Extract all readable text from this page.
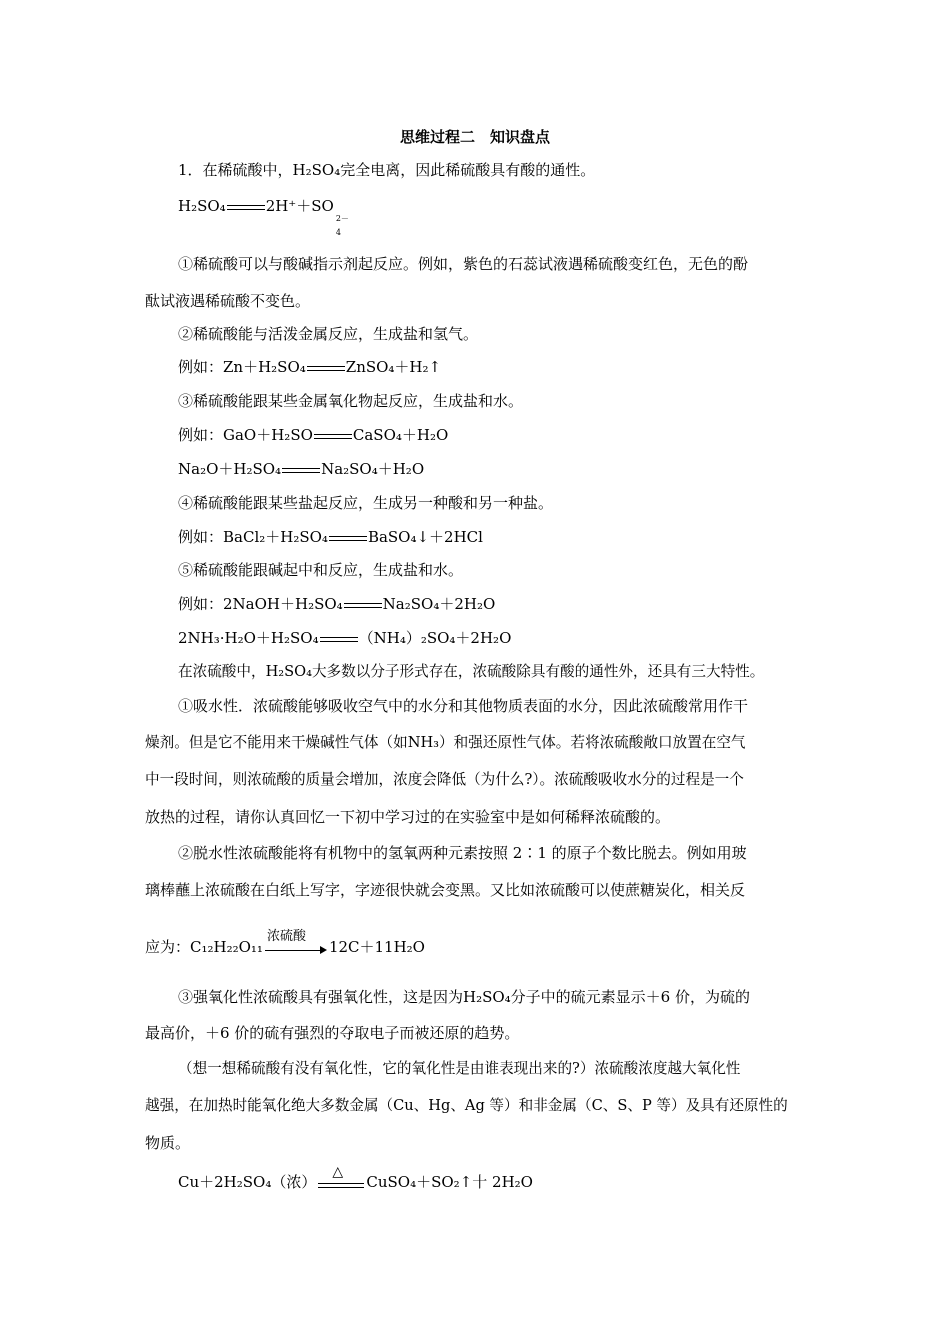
思维过程二　知识盘点
1．在稀硫酸中，H₂SO₄完全电离，因此稀硫酸具有酸的通性。
H₂SO₄	2H⁺＋SO
2－
4
①稀硫酸可以与酸碱指示剂起反应。例如，紫色的石蕊试液遇稀硫酸变红色，无色的酚
酞试液遇稀硫酸不变色。
②稀硫酸能与活泼金属反应，生成盐和氢气。
例如：Zn＋H₂SO₄	ZnSO₄＋H₂↑
③稀硫酸能跟某些金属氧化物起反应，生成盐和水。
例如：GaO＋H₂SO	CaSO₄＋H₂O
Na₂O＋H₂SO₄	Na₂SO₄＋H₂O
④稀硫酸能跟某些盐起反应，生成另一种酸和另一种盐。
例如：BaCl₂＋H₂SO₄	BaSO₄↓＋2HCl
⑤稀硫酸能跟碱起中和反应，生成盐和水。
例如：2NaOH＋H₂SO₄	Na₂SO₄＋2H₂O
2NH₃·H₂O＋H₂SO₄	（NH₄）₂SO₄＋2H₂O
在浓硫酸中，H₂SO₄大多数以分子形式存在，浓硫酸除具有酸的通性外，还具有三大特性。
①吸水性．浓硫酸能够吸收空气中的水分和其他物质表面的水分，因此浓硫酸常用作干
燥剂。但是它不能用来干燥碱性气体（如NH₃）和强还原性气体。若将浓硫酸敞口放置在空气
中一段时间，则浓硫酸的质量会增加，浓度会降低（为什么?）。浓硫酸吸收水分的过程是一个
放热的过程，请你认真回忆一下初中学习过的在实验室中是如何稀释浓硫酸的。
②脱水性浓硫酸能将有机物中的氢氧两种元素按照 2∶1 的原子个数比脱去。例如用玻
璃棒蘸上浓硫酸在白纸上写字，字迹很快就会变黑。又比如浓硫酸可以使蔗糖炭化，相关反
应为：C₁₂H₂₂O₁₁
浓硫酸
12C＋11H₂O
③强氧化性浓硫酸具有强氧化性，这是因为H₂SO₄分子中的硫元素显示＋6 价，为硫的
最高价，＋6 价的硫有强烈的夺取电子而被还原的趋势。
（想一想稀硫酸有没有氧化性，它的氧化性是由谁表现出来的?）浓硫酸浓度越大氧化性
越强，在加热时能氧化绝大多数金属（Cu、Hg、Ag 等）和非金属（C、S、P 等）及具有还原性的
物质。
Cu＋2H₂SO₄（浓）
△
CuSO₄＋SO₂↑十 2H₂O
